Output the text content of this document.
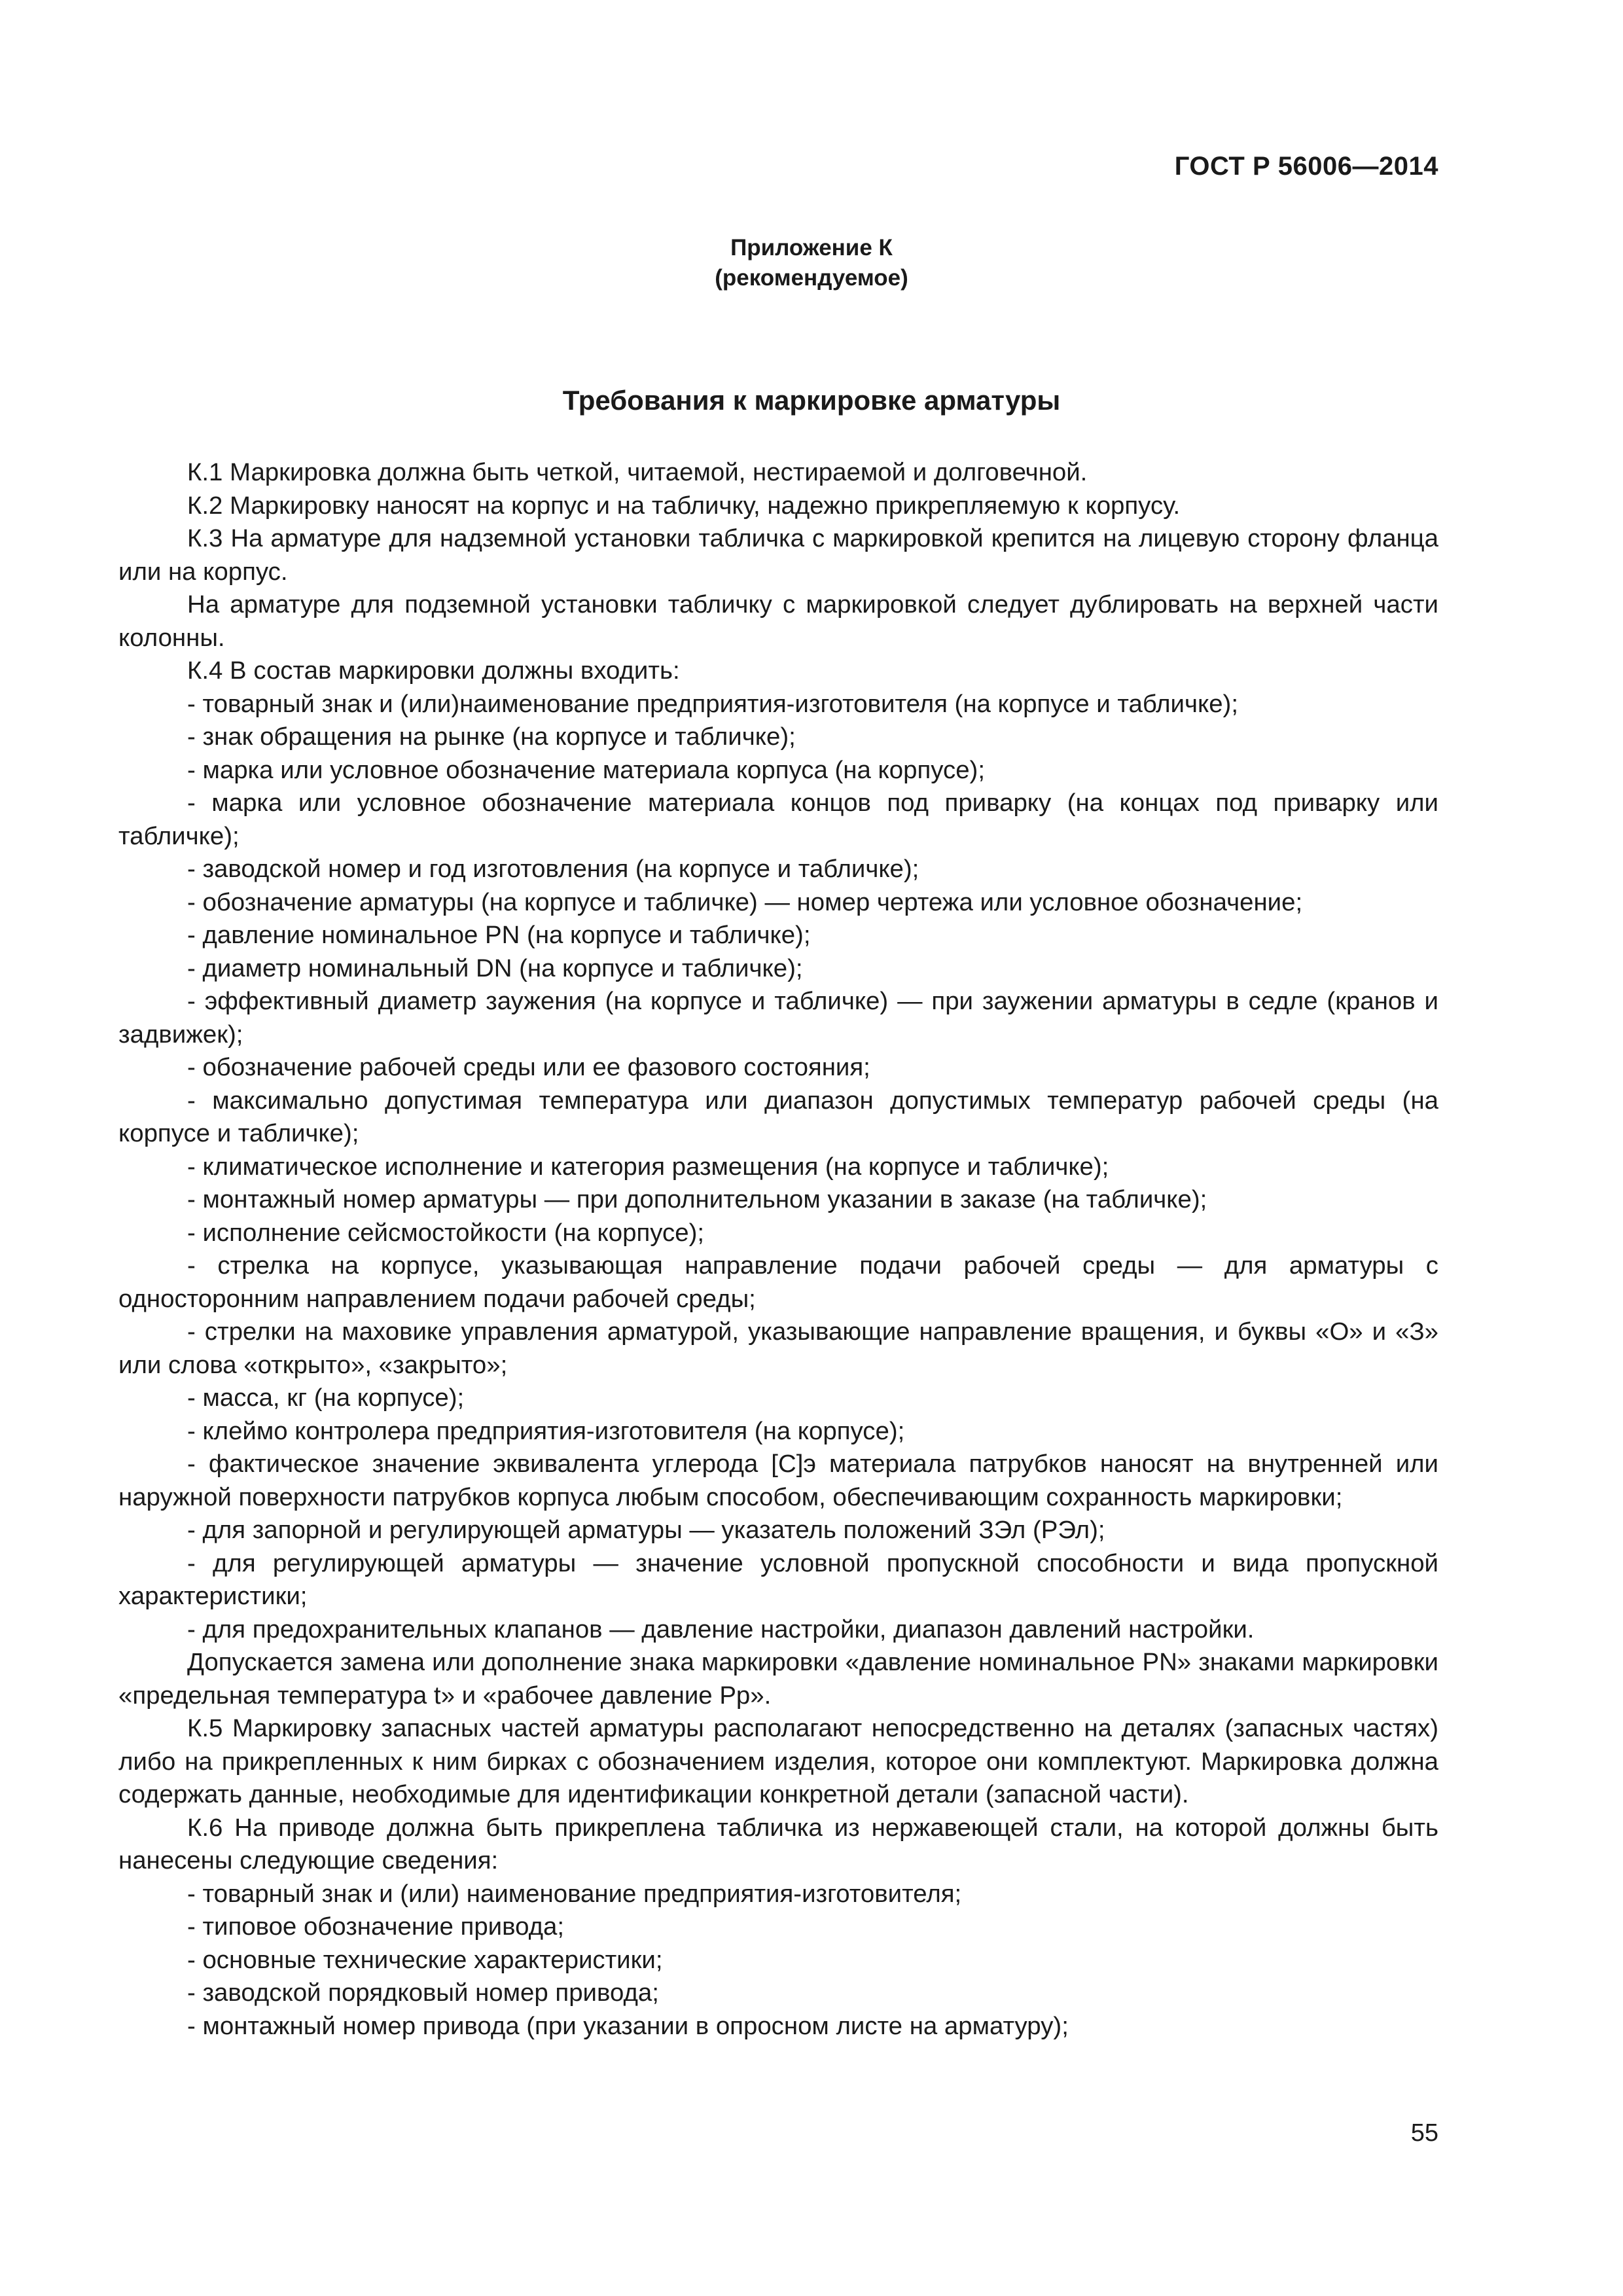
ГОСТ Р 56006—2014
Приложение К
(рекомендуемое)
Требования к маркировке арматуры

К.1 Маркировка должна быть четкой, читаемой, нестираемой и долговечной.

К.2 Маркировку наносят на корпус и на табличку, надежно прикрепляемую к корпусу.

К.3 На арматуре для надземной установки табличка с маркировкой крепится на лицевую сторону фланца или на корпус.

На арматуре для подземной установки табличку с маркировкой следует дублировать на верхней части колонны.

К.4 В состав маркировки должны входить:

- товарный знак и (или)наименование предприятия-изготовителя (на корпусе и табличке);

- знак обращения на рынке (на корпусе и табличке);

- марка или условное обозначение материала корпуса (на корпусе);

- марка или условное обозначение материала концов под приварку (на концах под приварку или табличке);

- заводской номер и год изготовления (на корпусе и табличке);

- обозначение арматуры (на корпусе и табличке) — номер чертежа или условное обозначение;

- давление номинальное PN (на корпусе и табличке);

- диаметр номинальный DN (на корпусе и табличке);

- эффективный диаметр заужения (на корпусе и табличке) — при заужении арматуры в седле (кранов и задвижек);

- обозначение рабочей среды или ее фазового состояния;

- максимально допустимая температура или диапазон допустимых температур рабочей среды (на корпусе и табличке);

- климатическое исполнение и категория размещения (на корпусе и табличке);

- монтажный номер арматуры — при дополнительном указании в заказе (на табличке);

- исполнение сейсмостойкости (на корпусе);

- стрелка на корпусе, указывающая направление подачи рабочей среды — для арматуры с односторонним направлением подачи рабочей среды;

- стрелки на маховике управления арматурой, указывающие направление вращения, и буквы «О» и «З» или слова «открыто», «закрыто»;

- масса, кг (на корпусе);

- клеймо контролера предприятия-изготовителя (на корпусе);

- фактическое значение эквивалента углерода [С]э материала патрубков наносят на внутренней или наружной поверхности патрубков корпуса любым способом, обеспечивающим сохранность маркировки;

- для запорной и регулирующей арматуры — указатель положений ЗЭл (РЭл);

- для регулирующей арматуры — значение условной пропускной способности и вида пропускной характеристики;

- для предохранительных клапанов — давление настройки, диапазон давлений настройки.

Допускается замена или дополнение знака маркировки «давление номинальное PN» знаками маркировки «предельная температура t» и «рабочее давление Pр».

К.5 Маркировку запасных частей арматуры располагают непосредственно на деталях (запасных частях) либо на прикрепленных к ним бирках с обозначением изделия, которое они комплектуют. Маркировка должна содержать данные, необходимые для идентификации конкретной детали (запасной части).

К.6 На приводе должна быть прикреплена табличка из нержавеющей стали, на которой должны быть нанесены следующие сведения:

- товарный знак и (или) наименование предприятия-изготовителя;

- типовое обозначение привода;

- основные технические характеристики;

- заводской порядковый номер привода;

- монтажный номер привода (при указании в опросном листе на арматуру);

55
